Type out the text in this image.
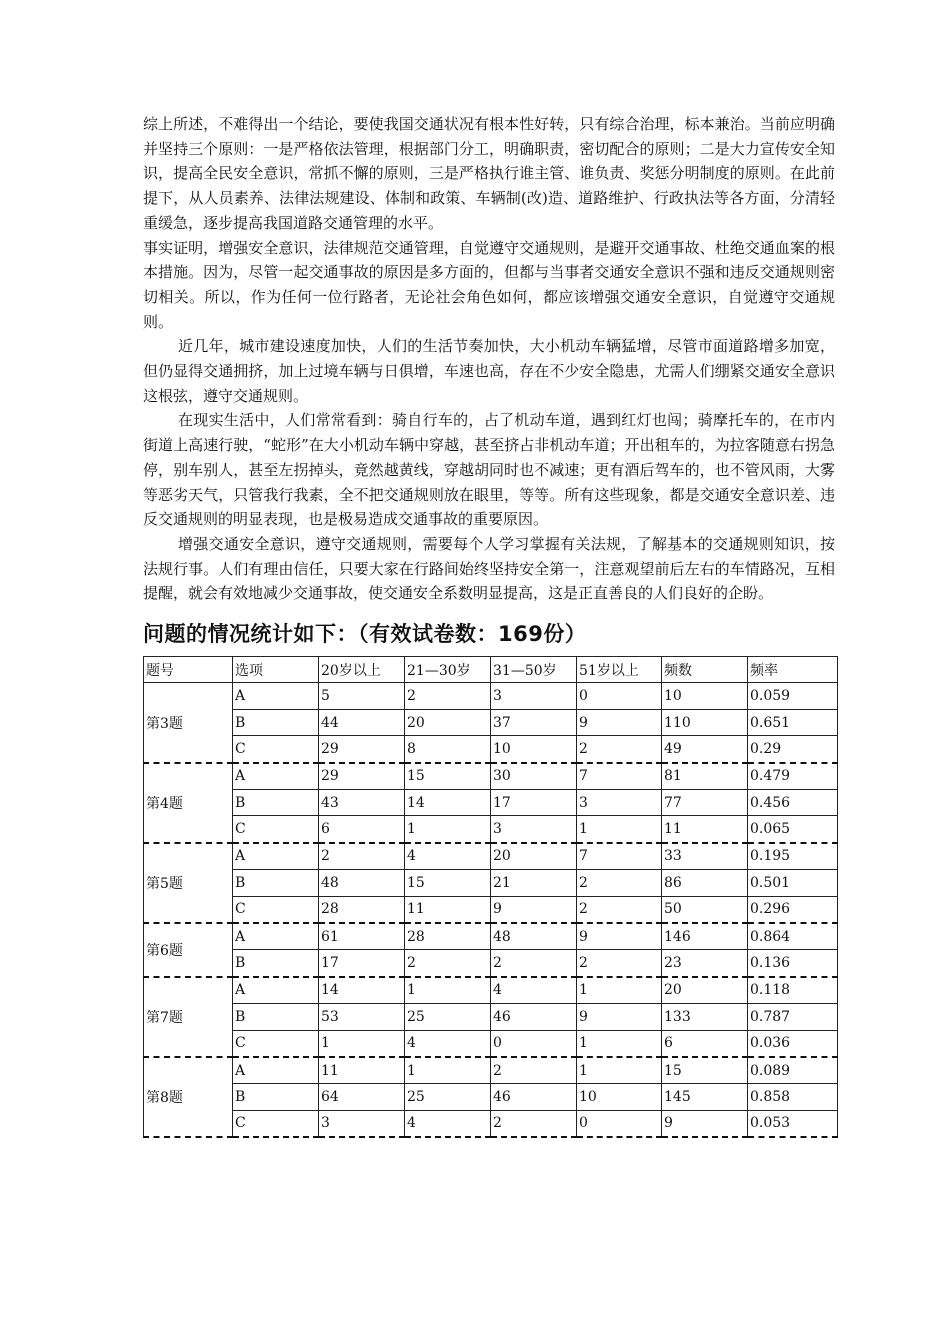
综上所述，不难得出一个结论，要使我国交通状况有根本性好转，只有综合治理，标本兼治。当前应明确并坚持三个原则：一是严格依法管理，根据部门分工，明确职责，密切配合的原则；二是大力宣传安全知识，提高全民安全意识，常抓不懈的原则，三是严格执行谁主管、谁负责、奖惩分明制度的原则。在此前提下，从人员素养、法律法规建设、体制和政策、车辆制(改)造、道路维护、行政执法等各方面，分清轻重缓急，逐步提高我国道路交通管理的水平。

事实证明，增强安全意识，法律规范交通管理，自觉遵守交通规则，是避开交通事故、杜绝交通血案的根本措施。因为，尽管一起交通事故的原因是多方面的，但都与当事者交通安全意识不强和违反交通规则密切相关。所以，作为任何一位行路者，无论社会角色如何，都应该增强交通安全意识，自觉遵守交通规则。

近几年，城市建设速度加快，人们的生活节奏加快，大小机动车辆猛增，尽管市面道路增多加宽，但仍显得交通拥挤，加上过境车辆与日俱增，车速也高，存在不少安全隐患，尤需人们绷紧交通安全意识这根弦，遵守交通规则。

在现实生活中，人们常常看到：骑自行车的，占了机动车道，遇到红灯也闯；骑摩托车的，在市内街道上高速行驶，“蛇形”在大小机动车辆中穿越，甚至挤占非机动车道；开出租车的，为拉客随意右拐急停，别车别人，甚至左拐掉头，竟然越黄线，穿越胡同时也不减速；更有酒后驾车的，也不管风雨，大雾等恶劣天气，只管我行我素，全不把交通规则放在眼里，等等。所有这些现象，都是交通安全意识差、违反交通规则的明显表现，也是极易造成交通事故的重要原因。

增强交通安全意识，遵守交通规则，需要每个人学习掌握有关法规，了解基本的交通规则知识，按法规行事。人们有理由信任，只要大家在行路间始终坚持安全第一，注意观望前后左右的车情路况，互相提醒，就会有效地减少交通事故，使交通安全系数明显提高，这是正直善良的人们良好的企盼。

问题的情况统计如下：（有效试卷数：169份）
题号	选项	20岁以上	21—30岁	31—50岁	51岁以上	频数	频率
第3题	A	5	2	3	0	10	0.059
	B	44	20	37	9	110	0.651
	C	29	8	10	2	49	0.29
第4题	A	29	15	30	7	81	0.479
	B	43	14	17	3	77	0.456
	C	6	1	3	1	11	0.065
第5题	A	2	4	20	7	33	0.195
	B	48	15	21	2	86	0.501
	C	28	11	9	2	50	0.296
第6题	A	61	28	48	9	146	0.864
	B	17	2	2	2	23	0.136
第7题	A	14	1	4	1	20	0.118
	B	53	25	46	9	133	0.787
	C	1	4	0	1	6	0.036
第8题	A	11	1	2	1	15	0.089
	B	64	25	46	10	145	0.858
	C	3	4	2	0	9	0.053
